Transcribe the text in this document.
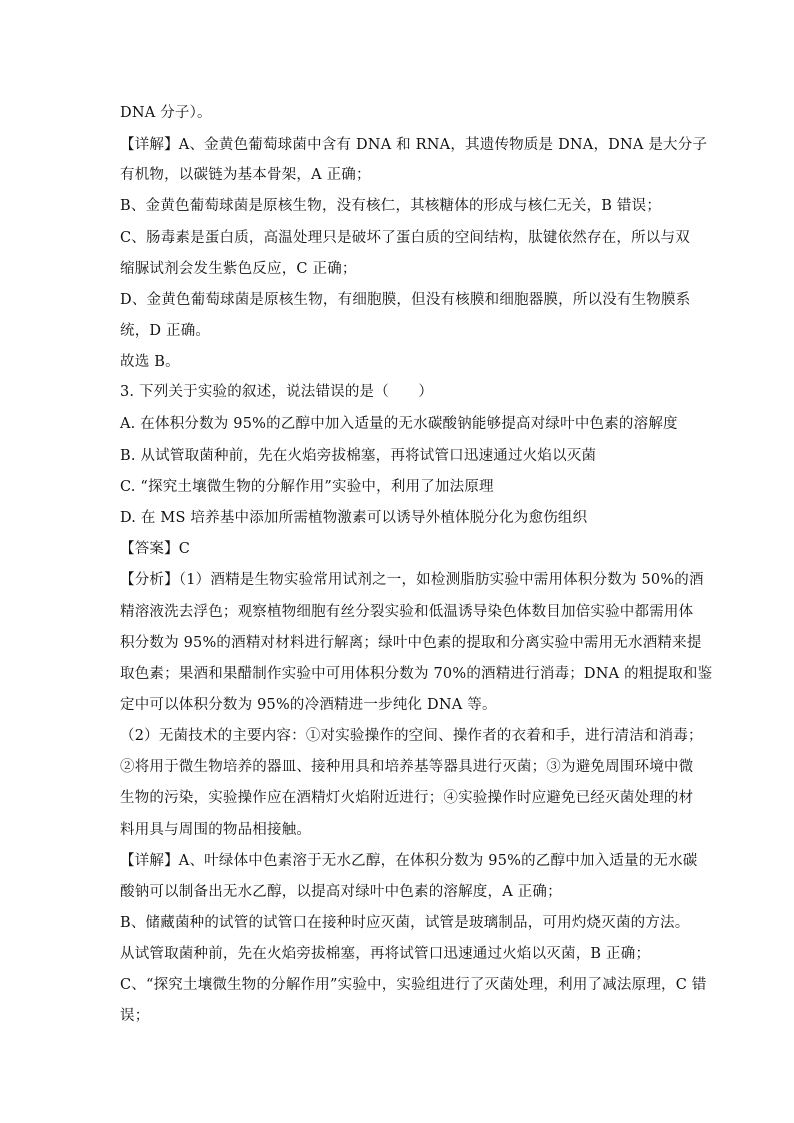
DNA 分子）。
【详解】A、金黄色葡萄球菌中含有 DNA 和 RNA，其遗传物质是 DNA，DNA 是大分子
有机物，以碳链为基本骨架，A 正确；
B、金黄色葡萄球菌是原核生物，没有核仁，其核糖体的形成与核仁无关，B 错误；
C、肠毒素是蛋白质，高温处理只是破坏了蛋白质的空间结构，肽键依然存在，所以与双
缩脲试剂会发生紫色反应，C 正确；
D、金黄色葡萄球菌是原核生物，有细胞膜，但没有核膜和细胞器膜，所以没有生物膜系
统，D 正确。
故选 B。
3. 下列关于实验的叙述，说法错误的是（　　）
A. 在体积分数为 95%的乙醇中加入适量的无水碳酸钠能够提高对绿叶中色素的溶解度
B. 从试管取菌种前，先在火焰旁拔棉塞，再将试管口迅速通过火焰以灭菌
C. “探究土壤微生物的分解作用”实验中，利用了加法原理
D. 在 MS 培养基中添加所需植物激素可以诱导外植体脱分化为愈伤组织
【答案】C
【分析】（1）酒精是生物实验常用试剂之一，如检测脂肪实验中需用体积分数为 50%的酒
精溶液洗去浮色；观察植物细胞有丝分裂实验和低温诱导染色体数目加倍实验中都需用体
积分数为 95%的酒精对材料进行解离；绿叶中色素的提取和分离实验中需用无水酒精来提
取色素；果酒和果醋制作实验中可用体积分数为 70%的酒精进行消毒；DNA 的粗提取和鉴
定中可以体积分数为 95%的冷酒精进一步纯化 DNA 等。
（2）无菌技术的主要内容：①对实验操作的空间、操作者的衣着和手，进行清洁和消毒；
②将用于微生物培养的器皿、接种用具和培养基等器具进行灭菌；③为避免周围环境中微
生物的污染，实验操作应在酒精灯火焰附近进行；④实验操作时应避免已经灭菌处理的材
料用具与周围的物品相接触。
【详解】A、叶绿体中色素溶于无水乙醇，在体积分数为 95%的乙醇中加入适量的无水碳
酸钠可以制备出无水乙醇，以提高对绿叶中色素的溶解度，A 正确；
B、储藏菌种的试管的试管口在接种时应灭菌，试管是玻璃制品，可用灼烧灭菌的方法。
从试管取菌种前，先在火焰旁拔棉塞，再将试管口迅速通过火焰以灭菌，B 正确；
C、“探究土壤微生物的分解作用”实验中，实验组进行了灭菌处理，利用了减法原理，C 错
误；
